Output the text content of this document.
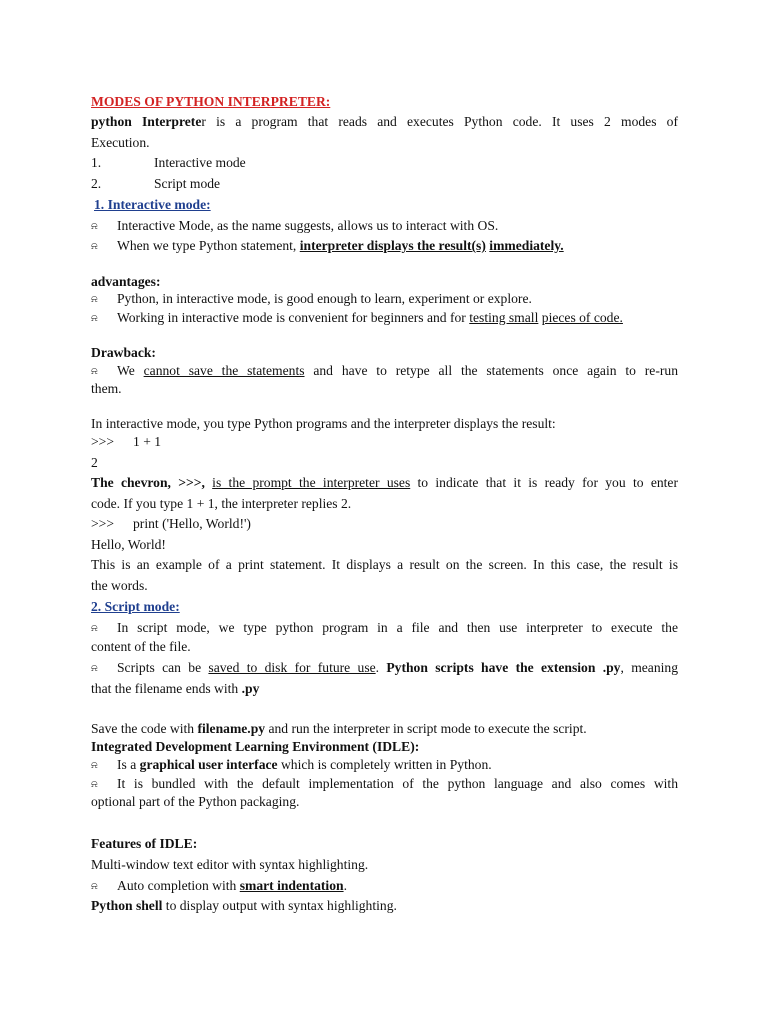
MODES OF PYTHON INTERPRETER:
python Interpreter is a program that reads and executes Python code. It uses 2 modes of
Execution.
1.	Interactive mode
2.	Script mode
1. Interactive mode:
⍾ Interactive Mode, as the name suggests, allows us to interact with OS.
⍾ When we type Python statement, interpreter displays the result(s) immediately.
advantages:
⍾ Python, in interactive mode, is good enough to learn, experiment or explore.
⍾ Working in interactive mode is convenient for beginners and for testing small pieces of code.
Drawback:
⍾ We cannot save the statements and have to retype all the statements once again to re-run
them.
In interactive mode, you type Python programs and the interpreter displays the result:
>>> 1 + 1
2
The chevron, >>>, is the prompt the interpreter uses to indicate that it is ready for you to enter
code. If you type 1 + 1, the interpreter replies 2.
>>> print ('Hello, World!')
Hello, World!
This is an example of a print statement. It displays a result on the screen. In this case, the result is
the words.
2. Script mode:
⍾ In script mode, we type python program in a file and then use interpreter to execute the
content of the file.
⍾ Scripts can be saved to disk for future use. Python scripts have the extension .py, meaning
that the filename ends with .py
Save the code with filename.py and run the interpreter in script mode to execute the script.
Integrated Development Learning Environment (IDLE):
⍾ Is a graphical user interface which is completely written in Python.
⍾ It is bundled with the default implementation of the python language and also comes with
optional part of the Python packaging.
Features of IDLE:
Multi-window text editor with syntax highlighting.
⍾ Auto completion with smart indentation.
Python shell to display output with syntax highlighting.
